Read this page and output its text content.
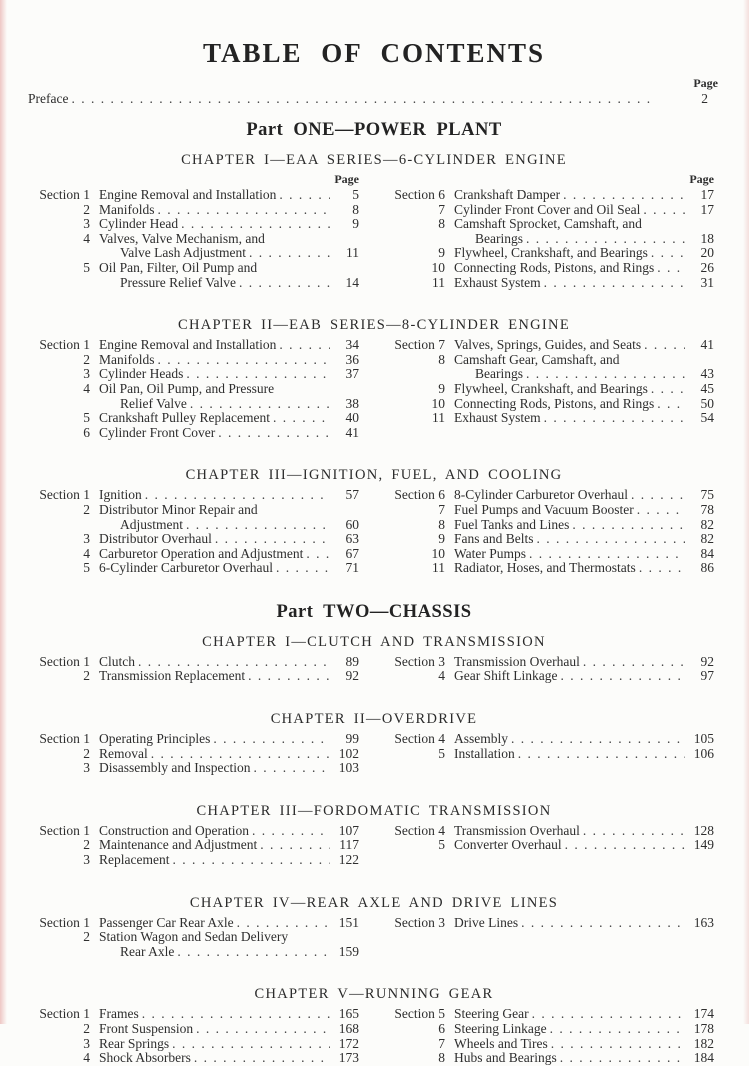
TABLE OF CONTENTS
Page
Preface . . .	2
Part ONE—POWER PLANT
CHAPTER I—EAA SERIES—6-CYLINDER ENGINE
Page	Page
Section 1 Engine Removal and Installation . . .	5
2 Manifolds . . .	8
3 Cylinder Head . . .	9
4 Valves, Valve Mechanism, and
Valve Lash Adjustment . . .	11
5 Oil Pan, Filter, Oil Pump and
Pressure Relief Valve . . .	14
Section 6 Crankshaft Damper . . .	17
7 Cylinder Front Cover and Oil Seal . . .	17
8 Camshaft Sprocket, Camshaft, and
Bearings . . .	18
9 Flywheel, Crankshaft, and Bearings . . .	20
10 Connecting Rods, Pistons, and Rings . . .	26
11 Exhaust System . . .	31
CHAPTER II—EAB SERIES—8-CYLINDER ENGINE
Section 1 Engine Removal and Installation . . .	34
2 Manifolds . . .	36
3 Cylinder Heads . . .	37
4 Oil Pan, Oil Pump, and Pressure
Relief Valve . . .	38
5 Crankshaft Pulley Replacement . . .	40
6 Cylinder Front Cover . . .	41
Section 7 Valves, Springs, Guides, and Seats . . .	41
8 Camshaft Gear, Camshaft, and
Bearings . . .	43
9 Flywheel, Crankshaft, and Bearings . . .	45
10 Connecting Rods, Pistons, and Rings . . .	50
11 Exhaust System . . .	54
CHAPTER III—IGNITION, FUEL, AND COOLING
Section 1 Ignition . . .	57
2 Distributor Minor Repair and
Adjustment . . .	60
3 Distributor Overhaul . . .	63
4 Carburetor Operation and Adjustment . . .	67
5 6-Cylinder Carburetor Overhaul . . .	71
Section 6 8-Cylinder Carburetor Overhaul . . .	75
7 Fuel Pumps and Vacuum Booster . . .	78
8 Fuel Tanks and Lines . . .	82
9 Fans and Belts . . .	82
10 Water Pumps . . .	84
11 Radiator, Hoses, and Thermostats . . .	86
Part TWO—CHASSIS
CHAPTER I—CLUTCH AND TRANSMISSION
Section 1 Clutch . . .	89
2 Transmission Replacement . . .	92
Section 3 Transmission Overhaul . . .	92
4 Gear Shift Linkage . . .	97
CHAPTER II—OVERDRIVE
Section 1 Operating Principles . . .	99
2 Removal . . .	102
3 Disassembly and Inspection . . .	103
Section 4 Assembly . . .	105
5 Installation . . .	106
CHAPTER III—FORDOMATIC TRANSMISSION
Section 1 Construction and Operation . . .	107
2 Maintenance and Adjustment . . .	117
3 Replacement . . .	122
Section 4 Transmission Overhaul . . .	128
5 Converter Overhaul . . .	149
CHAPTER IV—REAR AXLE AND DRIVE LINES
Section 1 Passenger Car Rear Axle . . .	151
2 Station Wagon and Sedan Delivery
Rear Axle . . .	159
Section 3 Drive Lines . . .	163
CHAPTER V—RUNNING GEAR
Section 1 Frames . . .	165
2 Front Suspension . . .	168
3 Rear Springs . . .	172
4 Shock Absorbers . . .	173
Section 5 Steering Gear . . .	174
6 Steering Linkage . . .	178
7 Wheels and Tires . . .	182
8 Hubs and Bearings . . .	184
